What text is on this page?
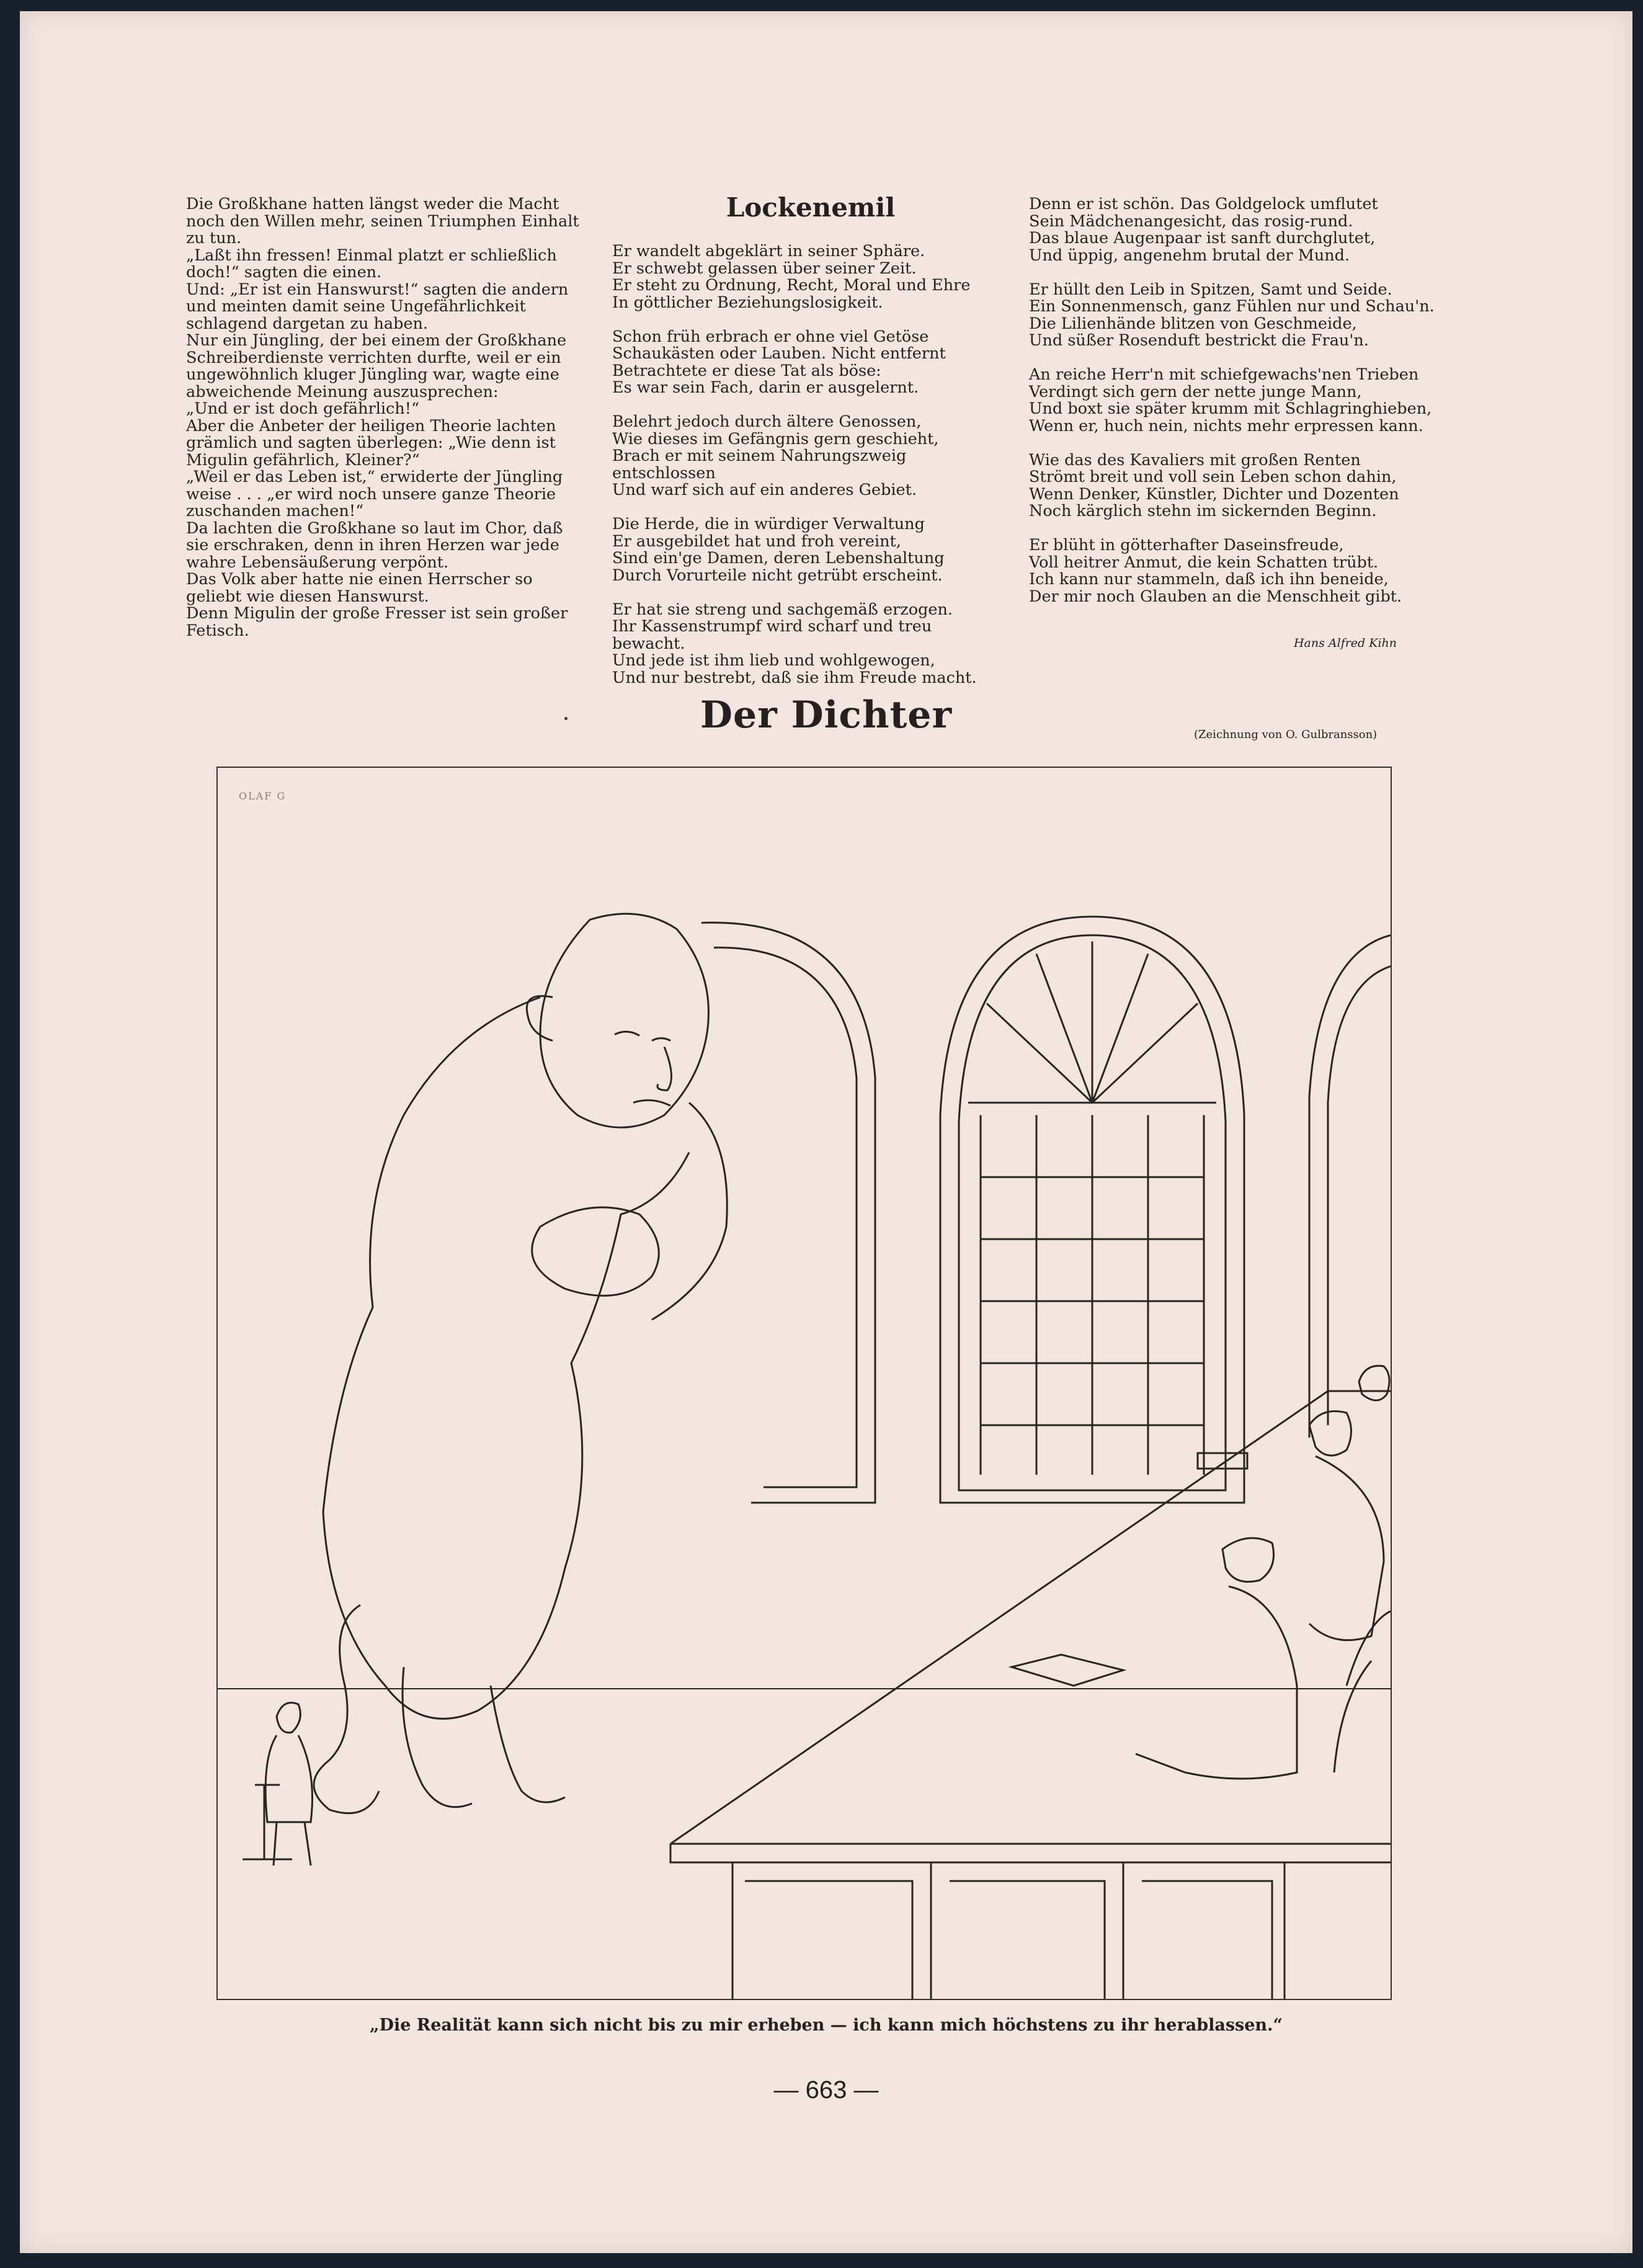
Die Großkhane hatten längst weder die Macht noch den Willen mehr, seinen Triumphen Einhalt zu tun.
„Laßt ihn fressen! Einmal platzt er schließlich doch!“ sagten die einen.
Und: „Er ist ein Hanswurst!“ sagten die andern und meinten damit seine Ungefährlichkeit schlagend dargetan zu haben.
Nur ein Jüngling, der bei einem der Großkhane Schreiberdienste verrichten durfte, weil er ein ungewöhnlich kluger Jüngling war, wagte eine abweichende Meinung auszusprechen:
„Und er ist doch gefährlich!“
Aber die Anbeter der heiligen Theorie lachten grämlich und sagten überlegen: „Wie denn ist Migulin gefährlich, Kleiner?“
„Weil er das Leben ist,“ erwiderte der Jüngling weise . . . „er wird noch unsere ganze Theorie zuschanden machen!“
Da lachten die Großkhane so laut im Chor, daß sie erschraken, denn in ihren Herzen war jede wahre Lebensäußerung verpönt.
Das Volk aber hatte nie einen Herrscher so geliebt wie diesen Hanswurst.
Denn Migulin der große Fresser ist sein großer Fetisch.
Lockenemil
Er wandelt abgeklärt in seiner Sphäre.
Er schwebt gelassen über seiner Zeit.
Er steht zu Ordnung, Recht, Moral und Ehre
In göttlicher Beziehungslosigkeit.

Schon früh erbrach er ohne viel Getöse
Schaukästen oder Lauben. Nicht entfernt
Betrachtete er diese Tat als böse:
Es war sein Fach, darin er ausgelernt.

Belehrt jedoch durch ältere Genossen,
Wie dieses im Gefängnis gern geschieht,
Brach er mit seinem Nahrungszweig entschlossen
Und warf sich auf ein anderes Gebiet.

Die Herde, die in würdiger Verwaltung
Er ausgebildet hat und froh vereint,
Sind ein'ge Damen, deren Lebenshaltung
Durch Vorurteile nicht getrübt erscheint.

Er hat sie streng und sachgemäß erzogen.
Ihr Kassenstrumpf wird scharf und treu bewacht.
Und jede ist ihm lieb und wohlgewogen,
Und nur bestrebt, daß sie ihm Freude macht.
Denn er ist schön. Das Goldgelock umflutet
Sein Mädchenangesicht, das rosig-rund.
Das blaue Augenpaar ist sanft durchglutet,
Und üppig, angenehm brutal der Mund.

Er hüllt den Leib in Spitzen, Samt und Seide.
Ein Sonnenmensch, ganz Fühlen nur und Schau'n.
Die Lilienhände blitzen von Geschmeide,
Und süßer Rosenduft bestrickt die Frau'n.

An reiche Herr'n mit schiefgewachs'nen Trieben
Verdingt sich gern der nette junge Mann,
Und boxt sie später krumm mit Schlagringhieben,
Wenn er, huch nein, nichts mehr erpressen kann.

Wie das des Kavaliers mit großen Renten
Strömt breit und voll sein Leben schon dahin,
Wenn Denker, Künstler, Dichter und Dozenten
Noch kärglich stehn im sickernden Beginn.

Er blüht in götterhafter Daseinsfreude,
Voll heitrer Anmut, die kein Schatten trübt.
Ich kann nur stammeln, daß ich ihn beneide,
Der mir noch Glauben an die Menschheit gibt.
Hans Alfred Kihn
Der Dichter	(Zeichnung von O. Gulbransson)
OLAF G
„Die Realität kann sich nicht bis zu mir erheben — ich kann mich höchstens zu ihr herablassen.“
— 663 —
